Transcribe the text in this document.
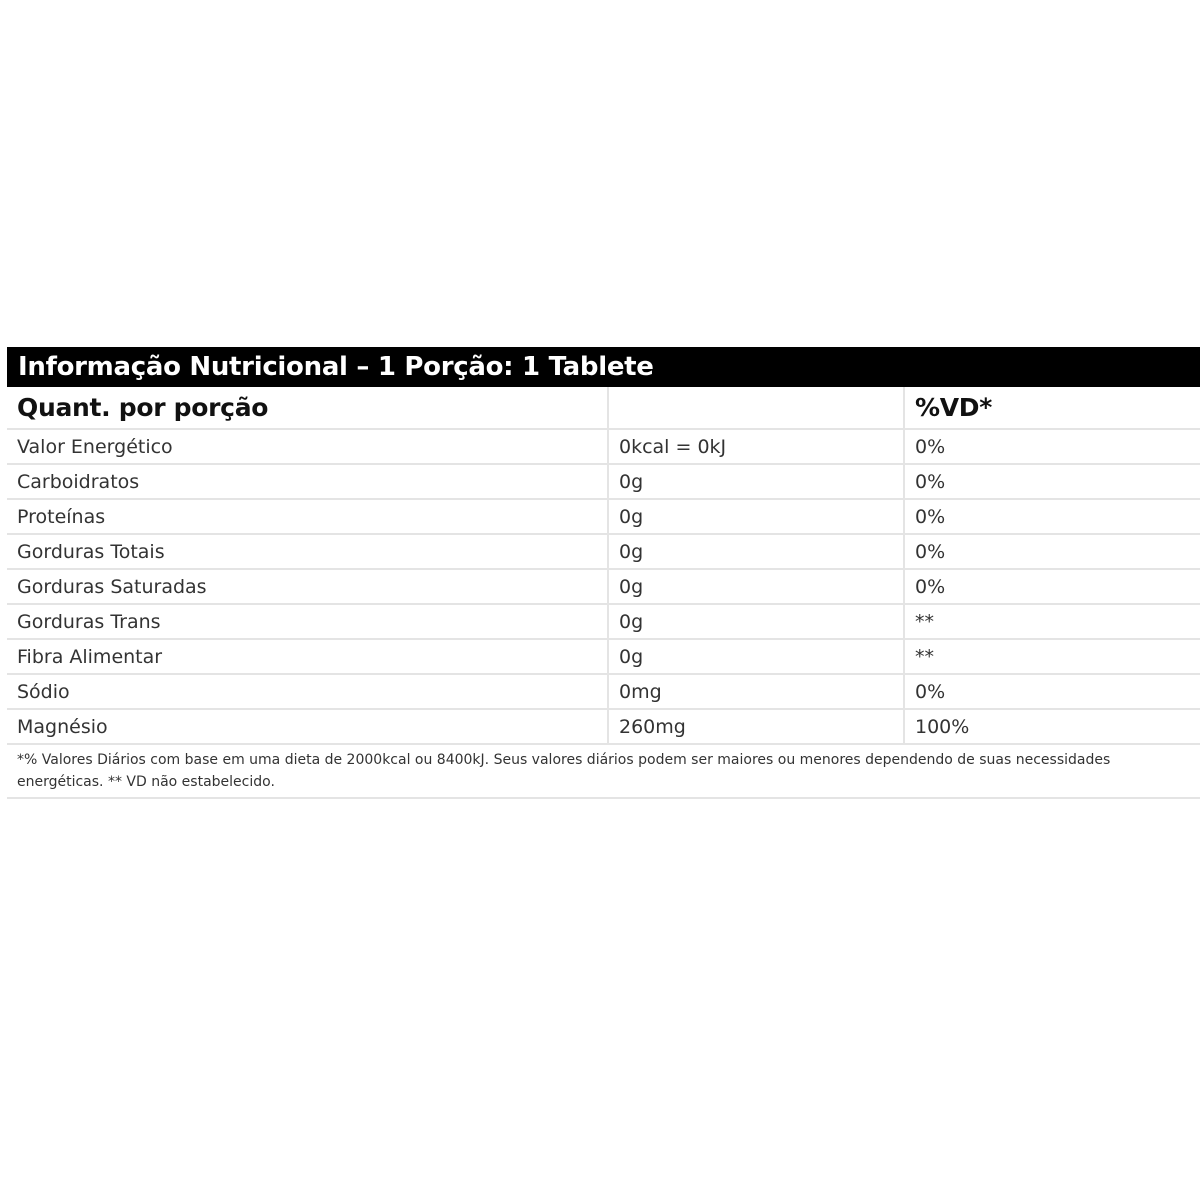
Informação Nutricional – 1 Porção: 1 Tablete
Quant. por porção		%VD*
Valor Energético	0kcal = 0kJ	0%
Carboidratos	0g	0%
Proteínas	0g	0%
Gorduras Totais	0g	0%
Gorduras Saturadas	0g	0%
Gorduras Trans	0g	**
Fibra Alimentar	0g	**
Sódio	0mg	0%
Magnésio	260mg	100%
*% Valores Diários com base em uma dieta de 2000kcal ou 8400kJ. Seus valores diários podem ser maiores ou menores dependendo de suas necessidades energéticas. ** VD não estabelecido.
